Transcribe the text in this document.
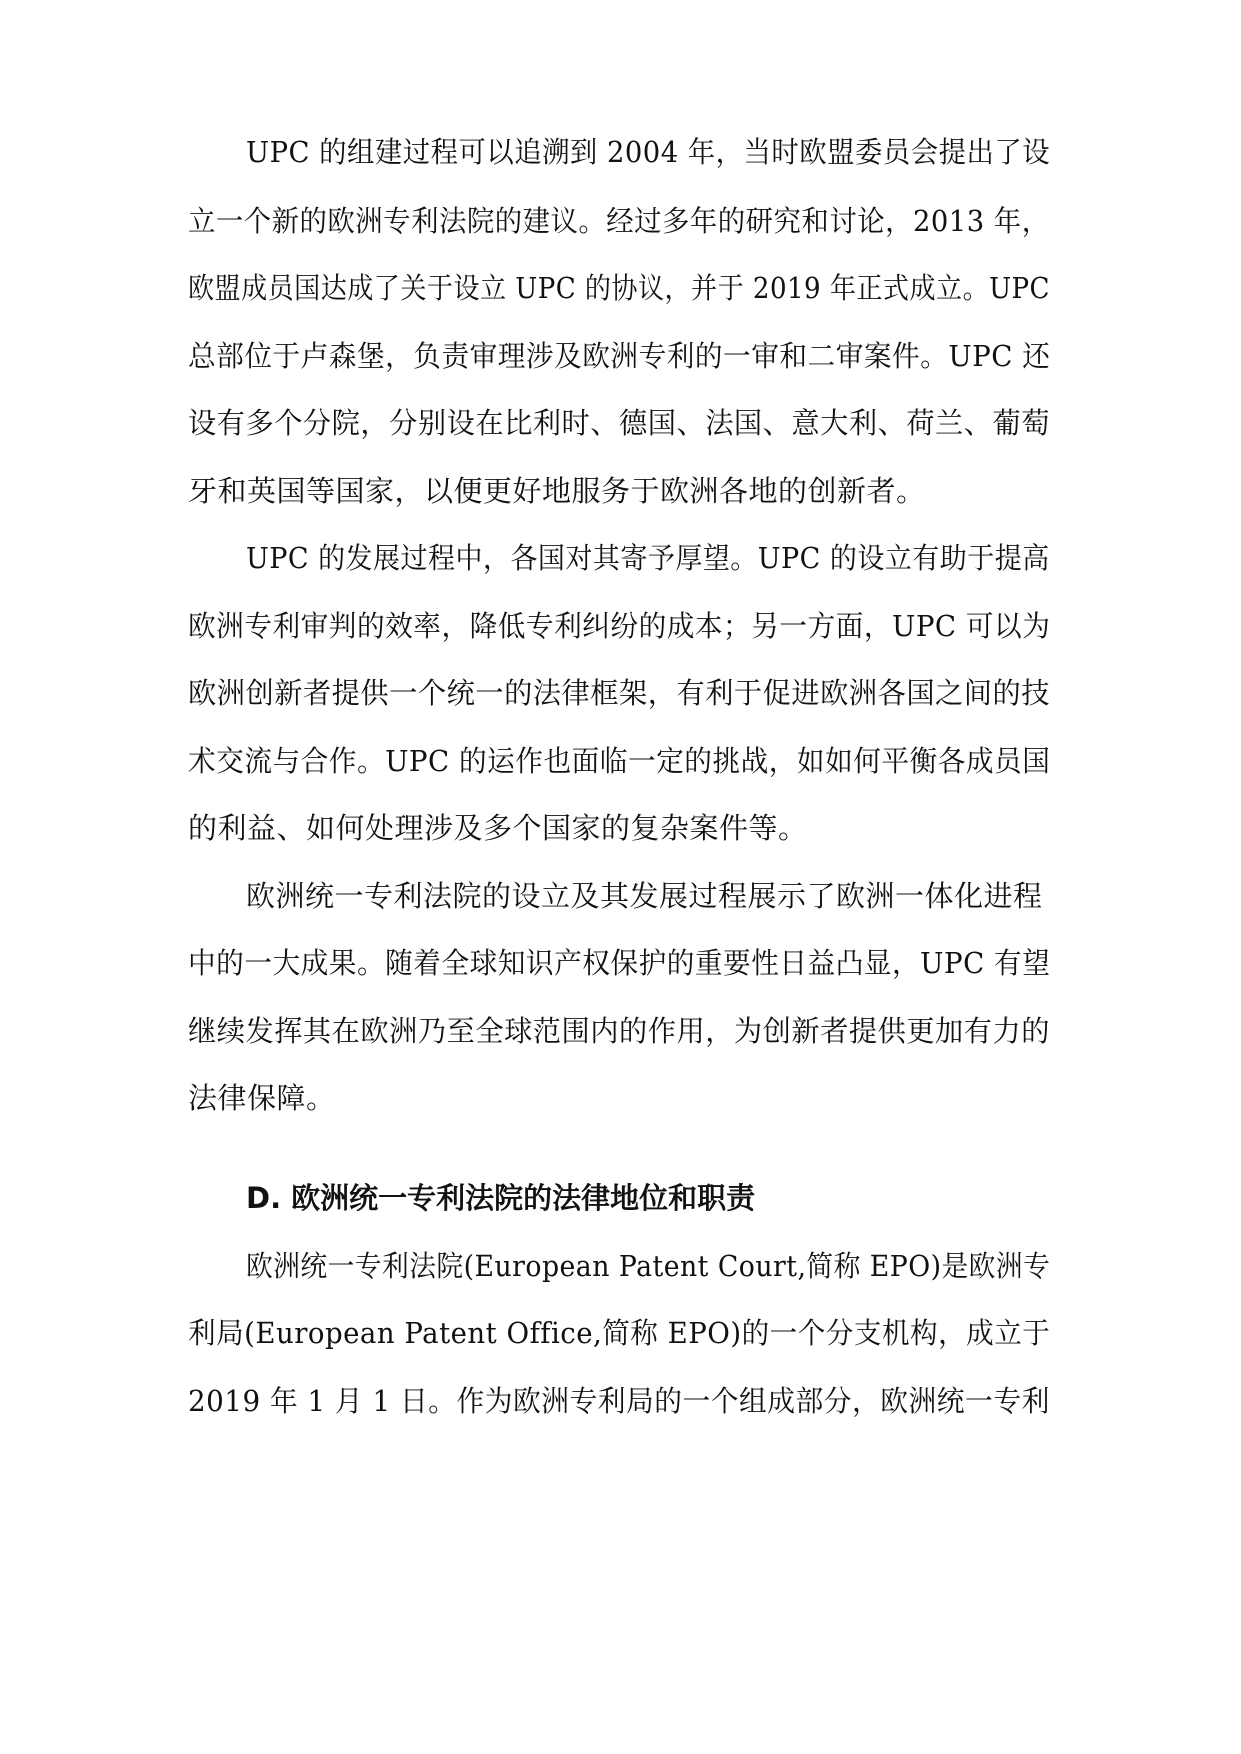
UPC 的组建过程可以追溯到 2004 年，当时欧盟委员会提出了设
立一个新的欧洲专利法院的建议。经过多年的研究和讨论，2013 年，
欧盟成员国达成了关于设立 UPC 的协议，并于 2019 年正式成立。UPC
总部位于卢森堡，负责审理涉及欧洲专利的一审和二审案件。UPC 还
设有多个分院，分别设在比利时、德国、法国、意大利、荷兰、葡萄
牙和英国等国家，以便更好地服务于欧洲各地的创新者。
UPC 的发展过程中，各国对其寄予厚望。UPC 的设立有助于提高
欧洲专利审判的效率，降低专利纠纷的成本；另一方面，UPC 可以为
欧洲创新者提供一个统一的法律框架，有利于促进欧洲各国之间的技
术交流与合作。UPC 的运作也面临一定的挑战，如如何平衡各成员国
的利益、如何处理涉及多个国家的复杂案件等。
欧洲统一专利法院的设立及其发展过程展示了欧洲一体化进程
中的一大成果。随着全球知识产权保护的重要性日益凸显，UPC 有望
继续发挥其在欧洲乃至全球范围内的作用，为创新者提供更加有力的
法律保障。
D. 欧洲统一专利法院的法律地位和职责
欧洲统一专利法院(European Patent Court,简称 EPO)是欧洲专
利局(European Patent Office,简称 EPO)的一个分支机构，成立于
2019 年 1 月 1 日。作为欧洲专利局的一个组成部分，欧洲统一专利
